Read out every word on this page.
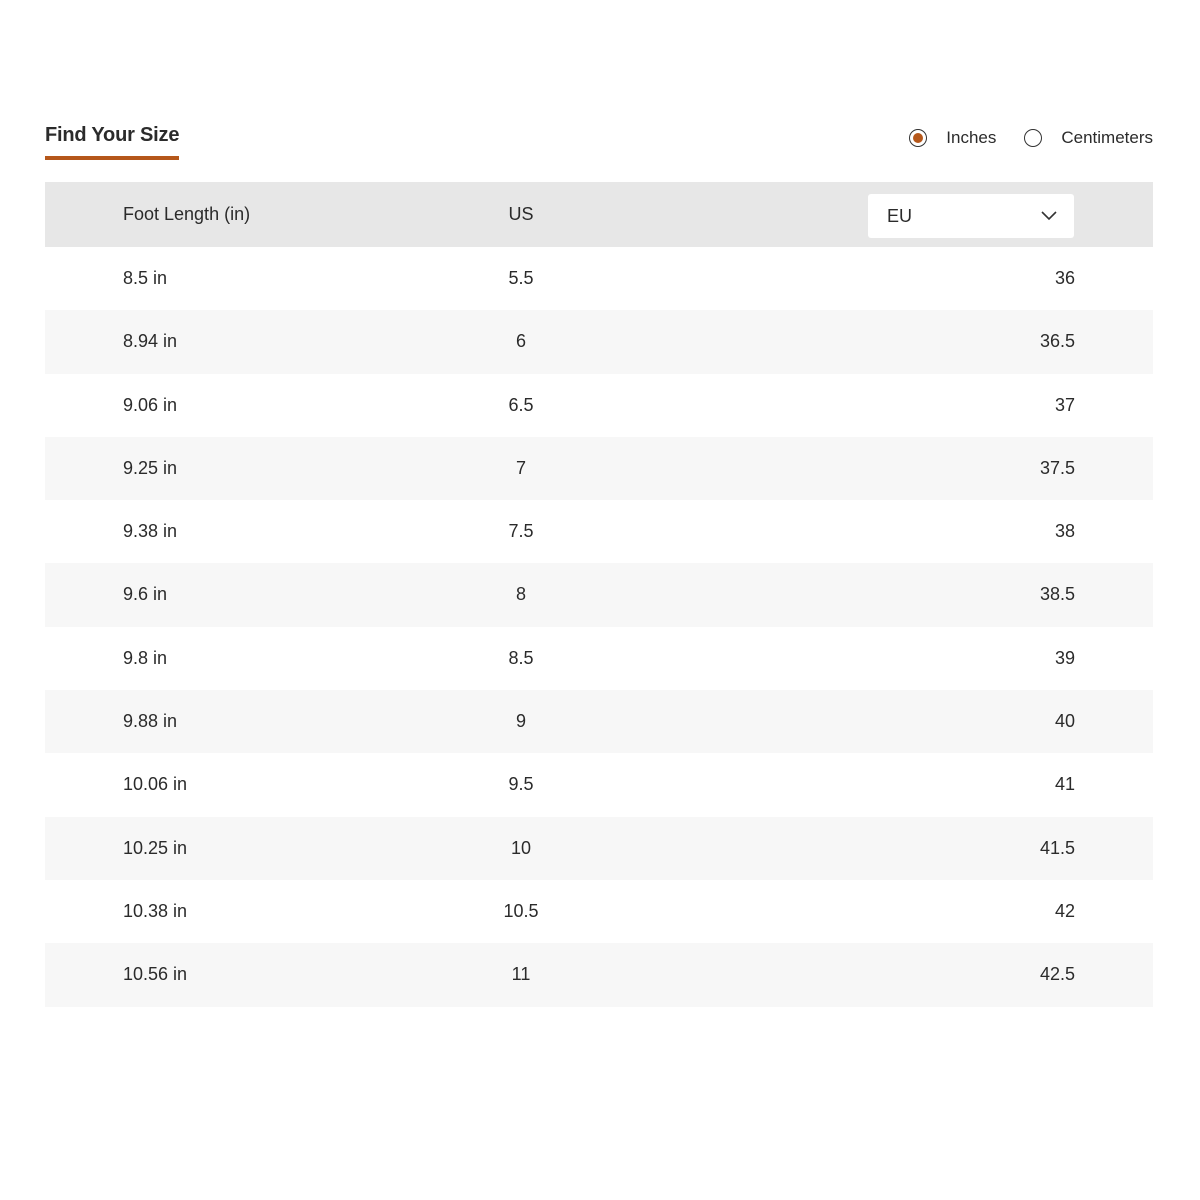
Find Your Size	Inches	Centimeters
Foot Length (in)	US	EU
8.5 in	5.5	36
8.94 in	6	36.5
9.06 in	6.5	37
9.25 in	7	37.5
9.38 in	7.5	38
9.6 in	8	38.5
9.8 in	8.5	39
9.88 in	9	40
10.06 in	9.5	41
10.25 in	10	41.5
10.38 in	10.5	42
10.56 in	11	42.5
